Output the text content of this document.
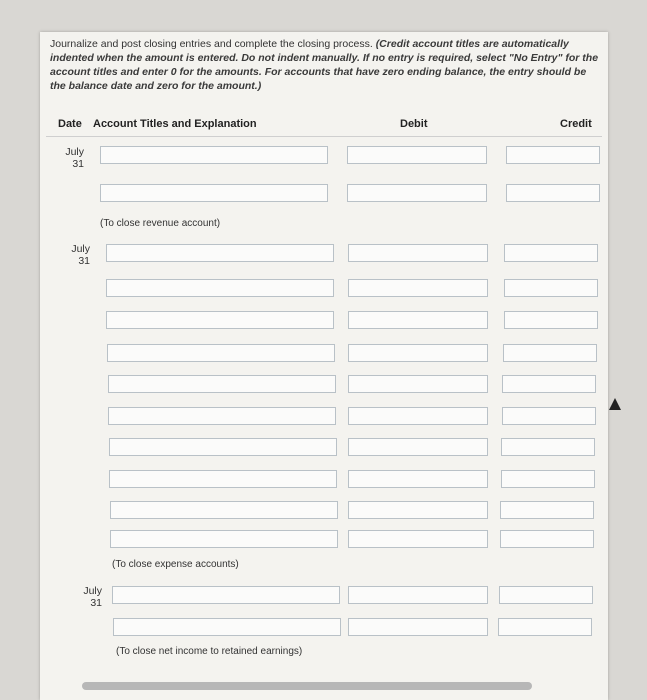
Journalize and post closing entries and complete the closing process. (Credit account titles are automatically indented when the amount is entered. Do not indent manually. If no entry is required, select "No Entry" for the account titles and enter 0 for the amounts. For accounts that have zero ending balance, the entry should be the balance date and zero for the amount.)
Date Account Titles and Explanation	Debit	Credit
July
31
(To close revenue account)
July
31
(To close expense accounts)
July
31
(To close net income to retained earnings)
